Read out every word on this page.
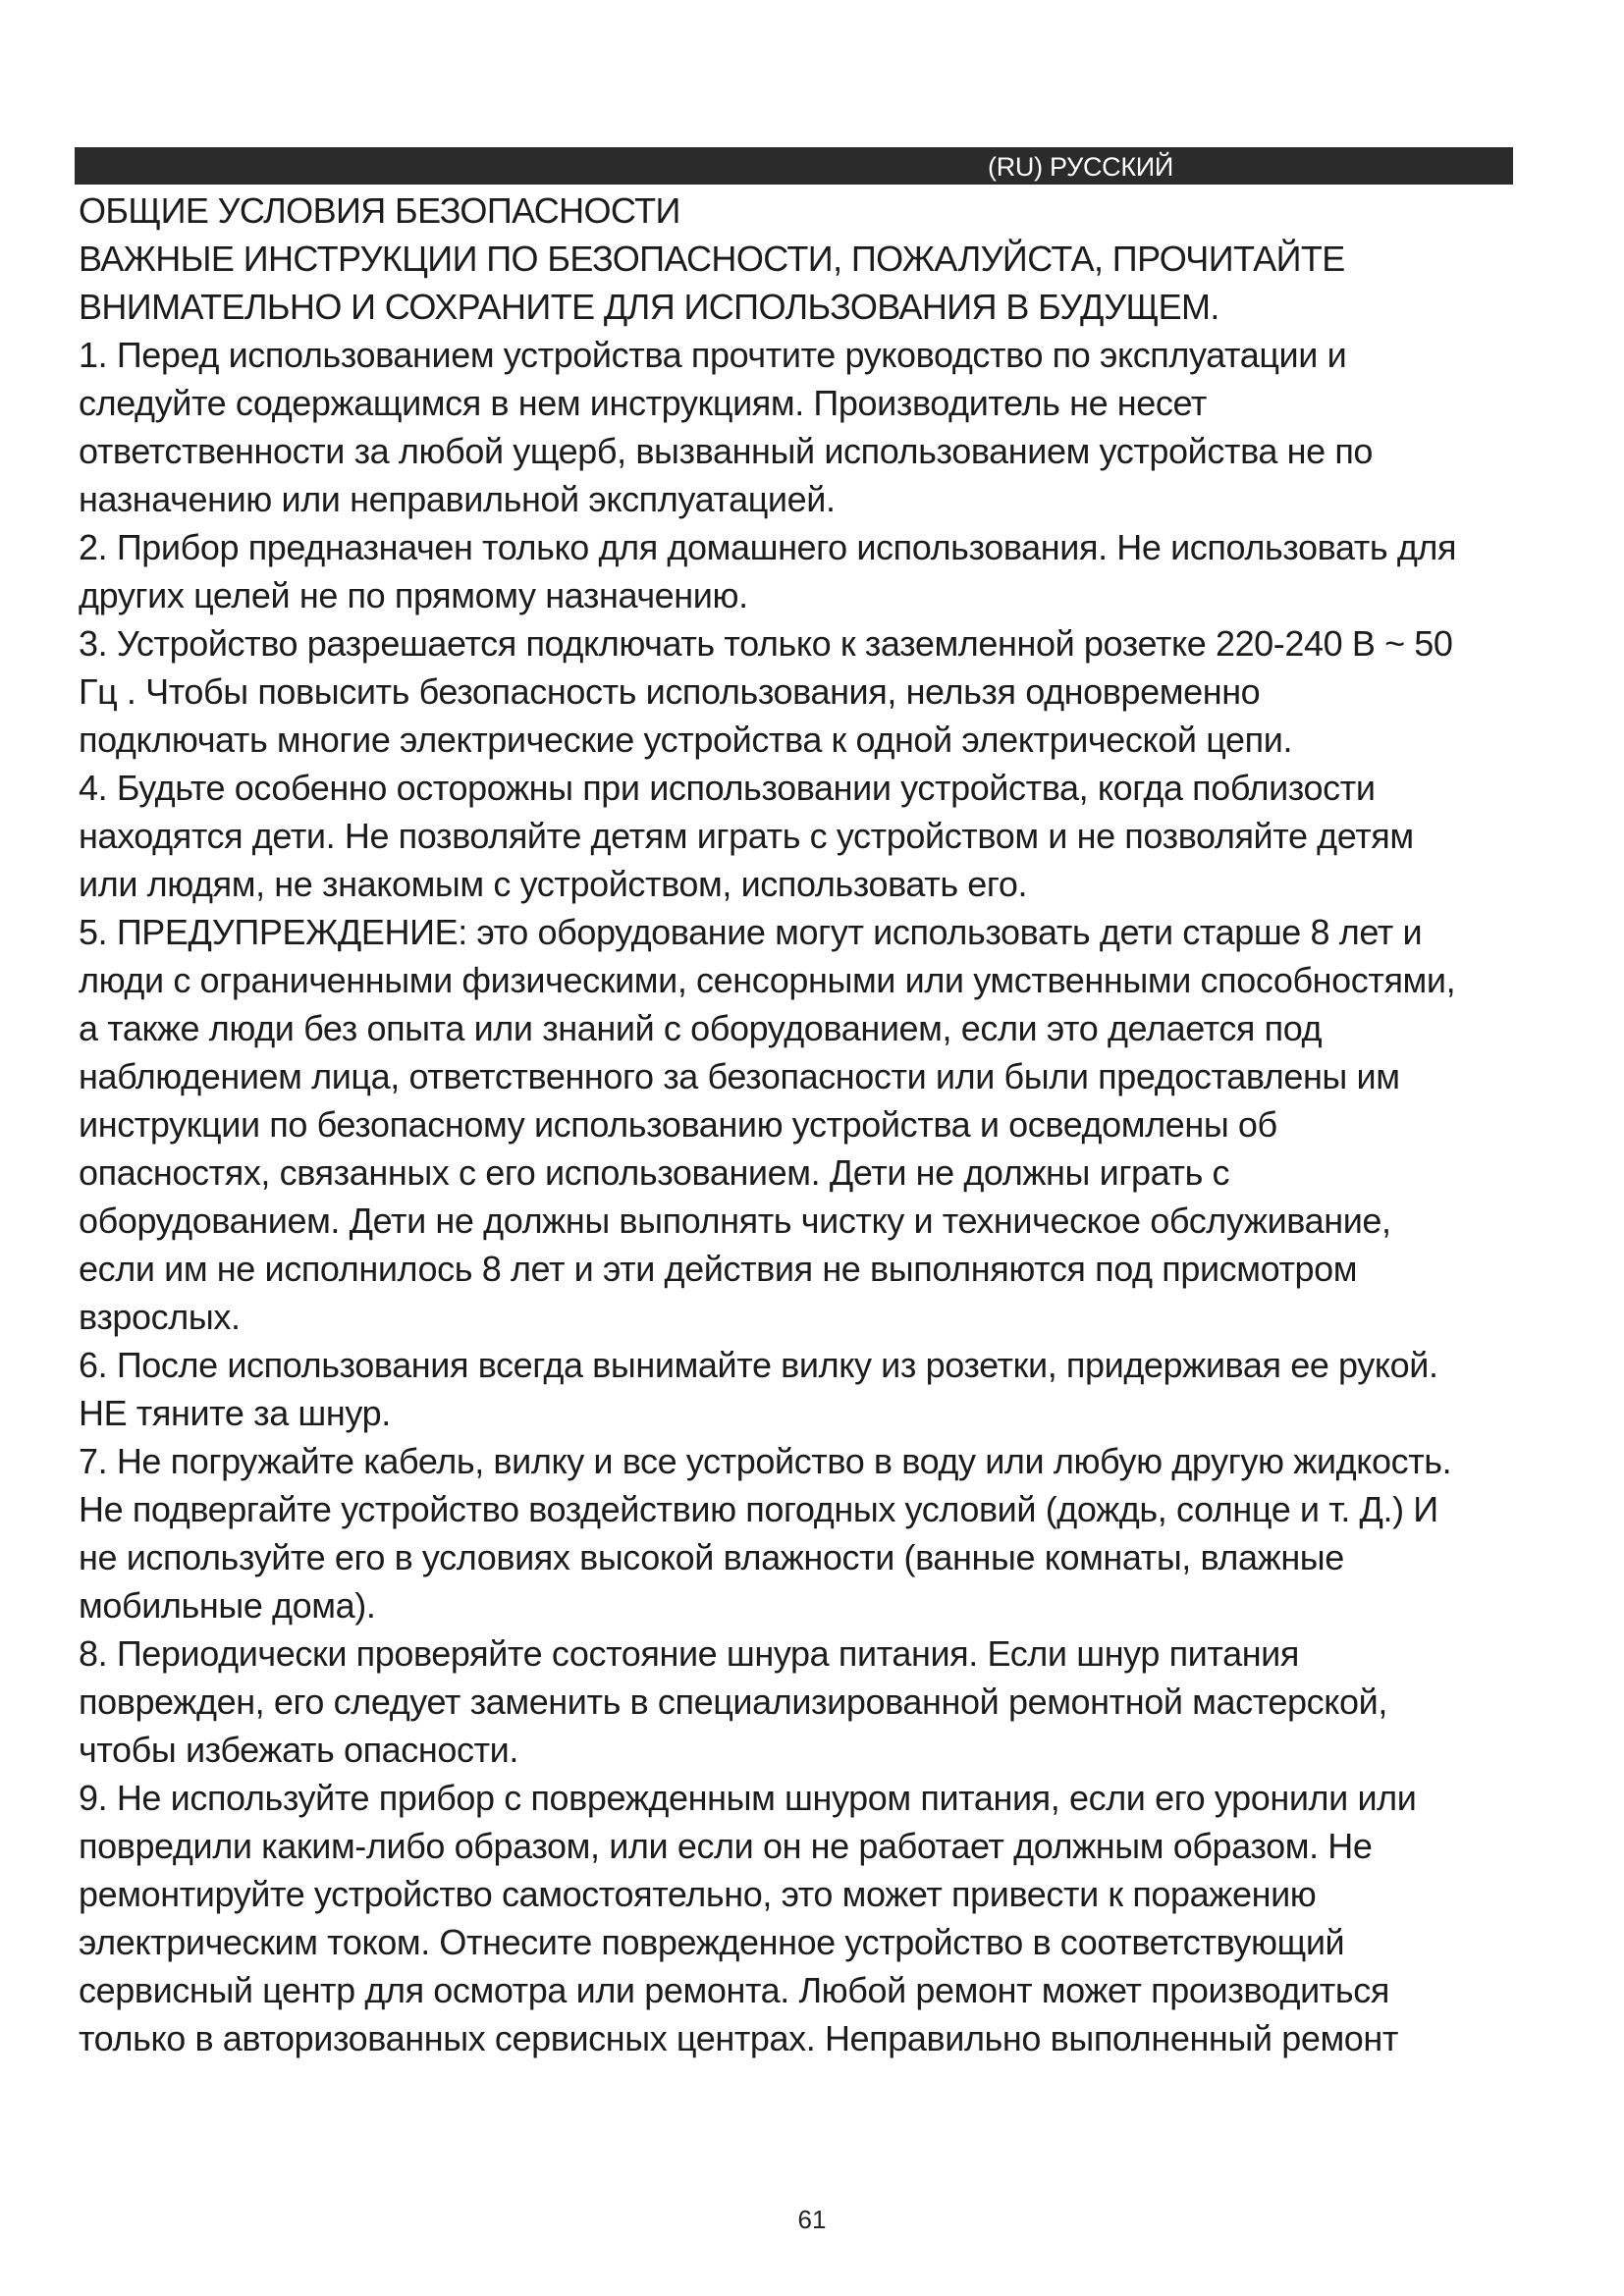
(RU) РУССКИЙ

ОБЩИЕ УСЛОВИЯ БЕЗОПАСНОСТИ

ВАЖНЫЕ ИНСТРУКЦИИ ПО БЕЗОПАСНОСТИ, ПОЖАЛУЙСТА, ПРОЧИТАЙТЕ
ВНИМАТЕЛЬНО И СОХРАНИТЕ ДЛЯ ИСПОЛЬЗОВАНИЯ В БУДУЩЕМ.

1. Перед использованием устройства прочтите руководство по эксплуатации и
следуйте содержащимся в нем инструкциям. Производитель не несет
ответственности за любой ущерб, вызванный использованием устройства не по
назначению или неправильной эксплуатацией.

2. Прибор предназначен только для домашнего использования. Не использовать для
других целей не по прямому назначению.

3. Устройство разрешается подключать только к заземленной розетке 220-240 В ~ 50
Гц . Чтобы повысить безопасность использования, нельзя одновременно
подключать многие электрические устройства к одной электрической цепи.

4. Будьте особенно осторожны при использовании устройства, когда поблизости
находятся дети. Не позволяйте детям играть с устройством и не позволяйте детям
или людям, не знакомым с устройством, использовать его.

5. ПРЕДУПРЕЖДЕНИЕ: это оборудование могут использовать дети старше 8 лет и
люди с ограниченными физическими, сенсорными или умственными способностями,
а также люди без опыта или знаний с оборудованием, если это делается под
наблюдением лица, ответственного за безопасности или были предоставлены им
инструкции по безопасному использованию устройства и осведомлены об
опасностях, связанных с его использованием. Дети не должны играть с
оборудованием. Дети не должны выполнять чистку и техническое обслуживание,
если им не исполнилось 8 лет и эти действия не выполняются под присмотром
взрослых.

6. После использования всегда вынимайте вилку из розетки, придерживая ее рукой.
НЕ тяните за шнур.

7. Не погружайте кабель, вилку и все устройство в воду или любую другую жидкость.
Не подвергайте устройство воздействию погодных условий (дождь, солнце и т. Д.) И
не используйте его в условиях высокой влажности (ванные комнаты, влажные
мобильные дома).

8. Периодически проверяйте состояние шнура питания. Если шнур питания
поврежден, его следует заменить в специализированной ремонтной мастерской,
чтобы избежать опасности.

9. Не используйте прибор с поврежденным шнуром питания, если его уронили или
повредили каким-либо образом, или если он не работает должным образом. Не
ремонтируйте устройство самостоятельно, это может привести к поражению
электрическим током. Отнесите поврежденное устройство в соответствующий
сервисный центр для осмотра или ремонта. Любой ремонт может производиться
только в авторизованных сервисных центрах. Неправильно выполненный ремонт

61
